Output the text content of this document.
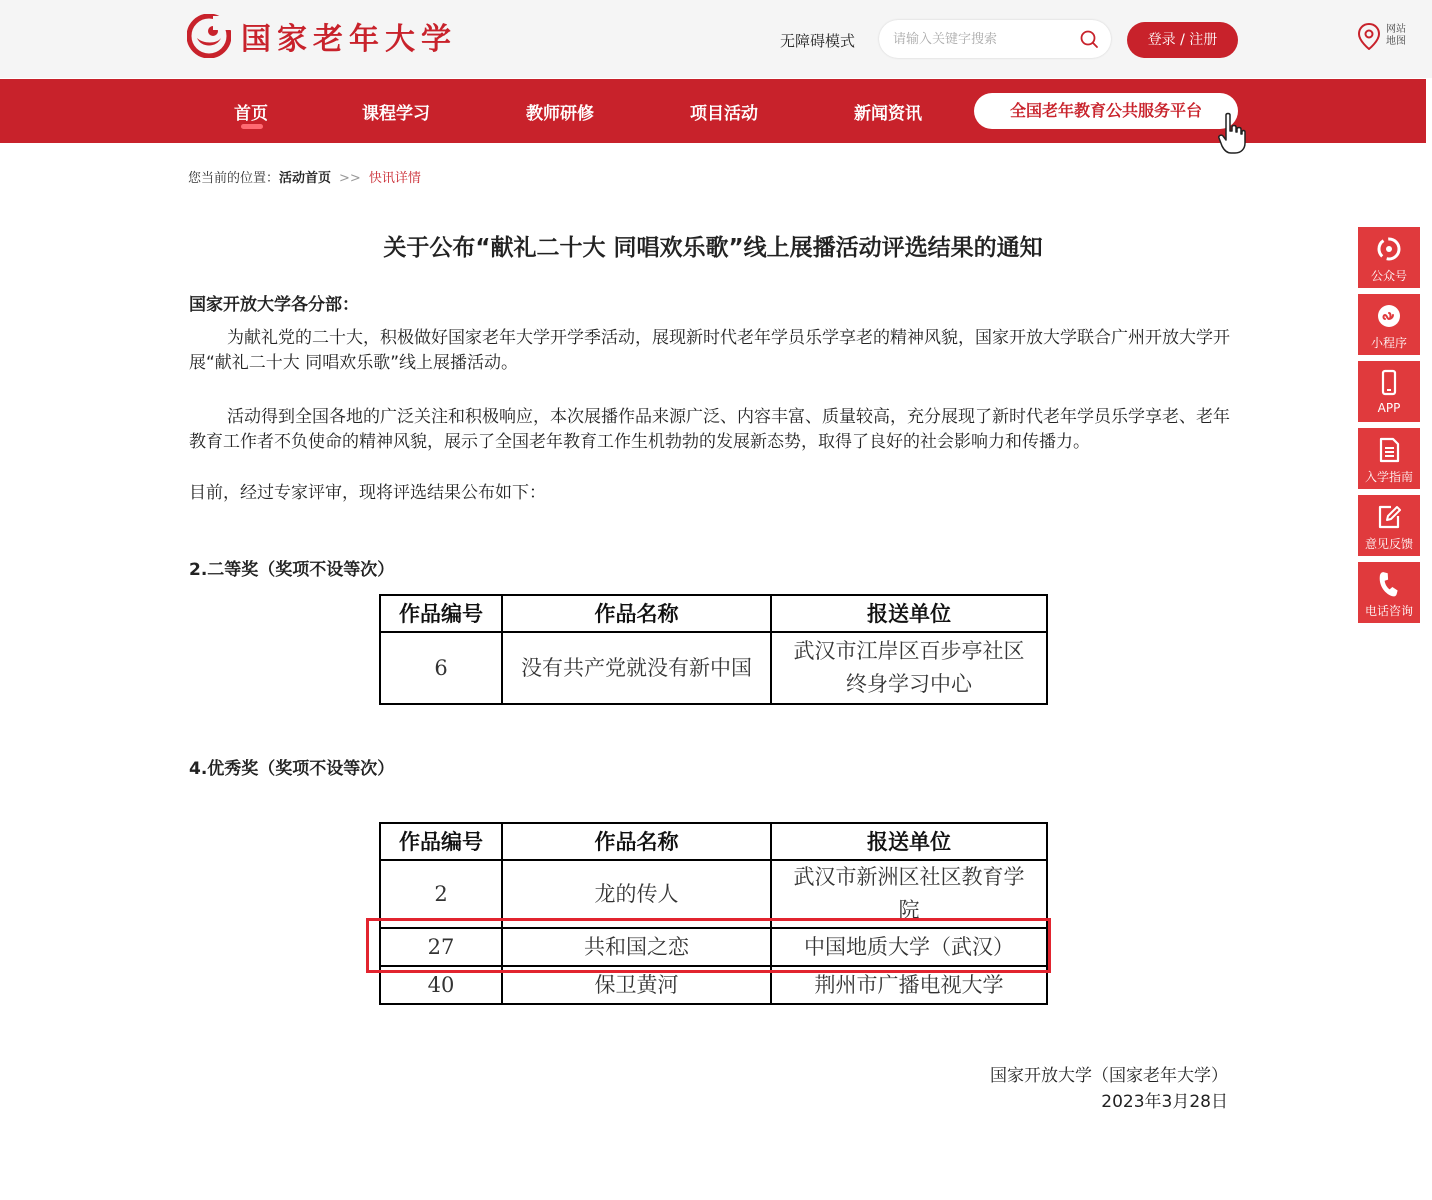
国家老年大学	无障碍模式
请输入关键字搜索	登录 / 注册
网站地图
首页	课程学习	教师研修	项目活动	新闻资讯	全国老年教育公共服务平台
您当前的位置：活动首页 >> 快讯详情
关于公布“献礼二十大 同唱欢乐歌”线上展播活动评选结果的通知
国家开放大学各分部：
为献礼党的二十大，积极做好国家老年大学开学季活动，展现新时代老年学员乐学享老的精神风貌，国家开放大学联合广州开放大学开展“献礼二十大 同唱欢乐歌”线上展播活动。
活动得到全国各地的广泛关注和积极响应，本次展播作品来源广泛、内容丰富、质量较高，充分展现了新时代老年学员乐学享老、老年教育工作者不负使命的精神风貌，展示了全国老年教育工作生机勃勃的发展新态势，取得了良好的社会影响力和传播力。
目前，经过专家评审，现将评选结果公布如下：
2.二等奖（奖项不设等次）
作品编号	作品名称	报送单位
6	没有共产党就没有新中国	武汉市江岸区百步亭社区终身学习中心
4.优秀奖（奖项不设等次）
作品编号	作品名称	报送单位
2	龙的传人	武汉市新洲区社区教育学院
27	共和国之恋	中国地质大学（武汉）
40	保卫黄河	荆州市广播电视大学
国家开放大学（国家老年大学）
2023年3月28日
公众号
小程序
APP
入学指南
意见反馈
电话咨询
